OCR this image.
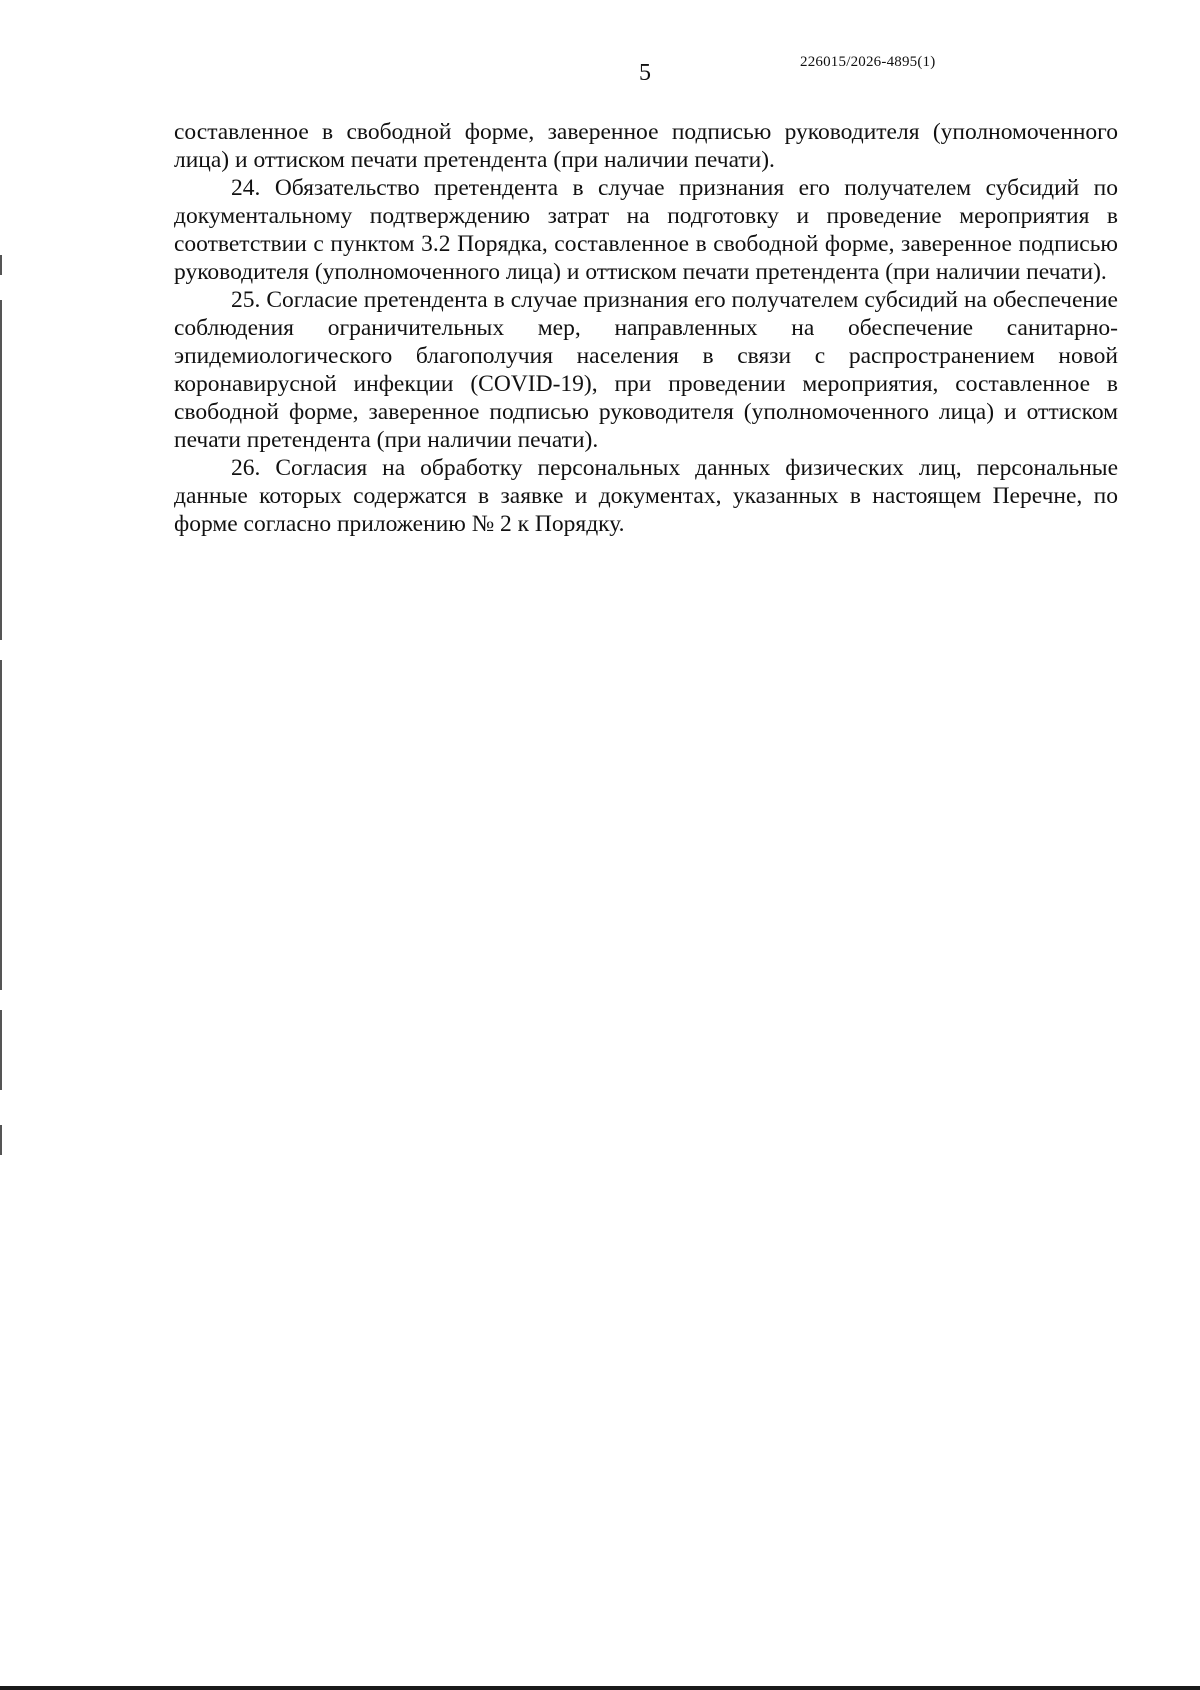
5	226015/2026-4895(1)

составленное в свободной форме, заверенное подписью руководителя (уполномоченного лица) и оттиском печати претендента (при наличии печати).

24. Обязательство претендента в случае признания его получателем субсидий по документальному подтверждению затрат на подготовку и проведение мероприятия в соответствии с пунктом 3.2 Порядка, составленное в свободной форме, заверенное подписью руководителя (уполномоченного лица) и оттиском печати претендента (при наличии печати).

25. Согласие претендента в случае признания его получателем субсидий на обеспечение соблюдения ограничительных мер, направленных на обеспечение санитарно-эпидемиологического благополучия населения в связи с распространением новой коронавирусной инфекции (COVID-19), при проведении мероприятия, составленное в свободной форме, заверенное подписью руководителя (уполномоченного лица) и оттиском печати претендента (при наличии печати).

26. Согласия на обработку персональных данных физических лиц, персональные данные которых содержатся в заявке и документах, указанных в настоящем Перечне, по форме согласно приложению № 2 к Порядку.
